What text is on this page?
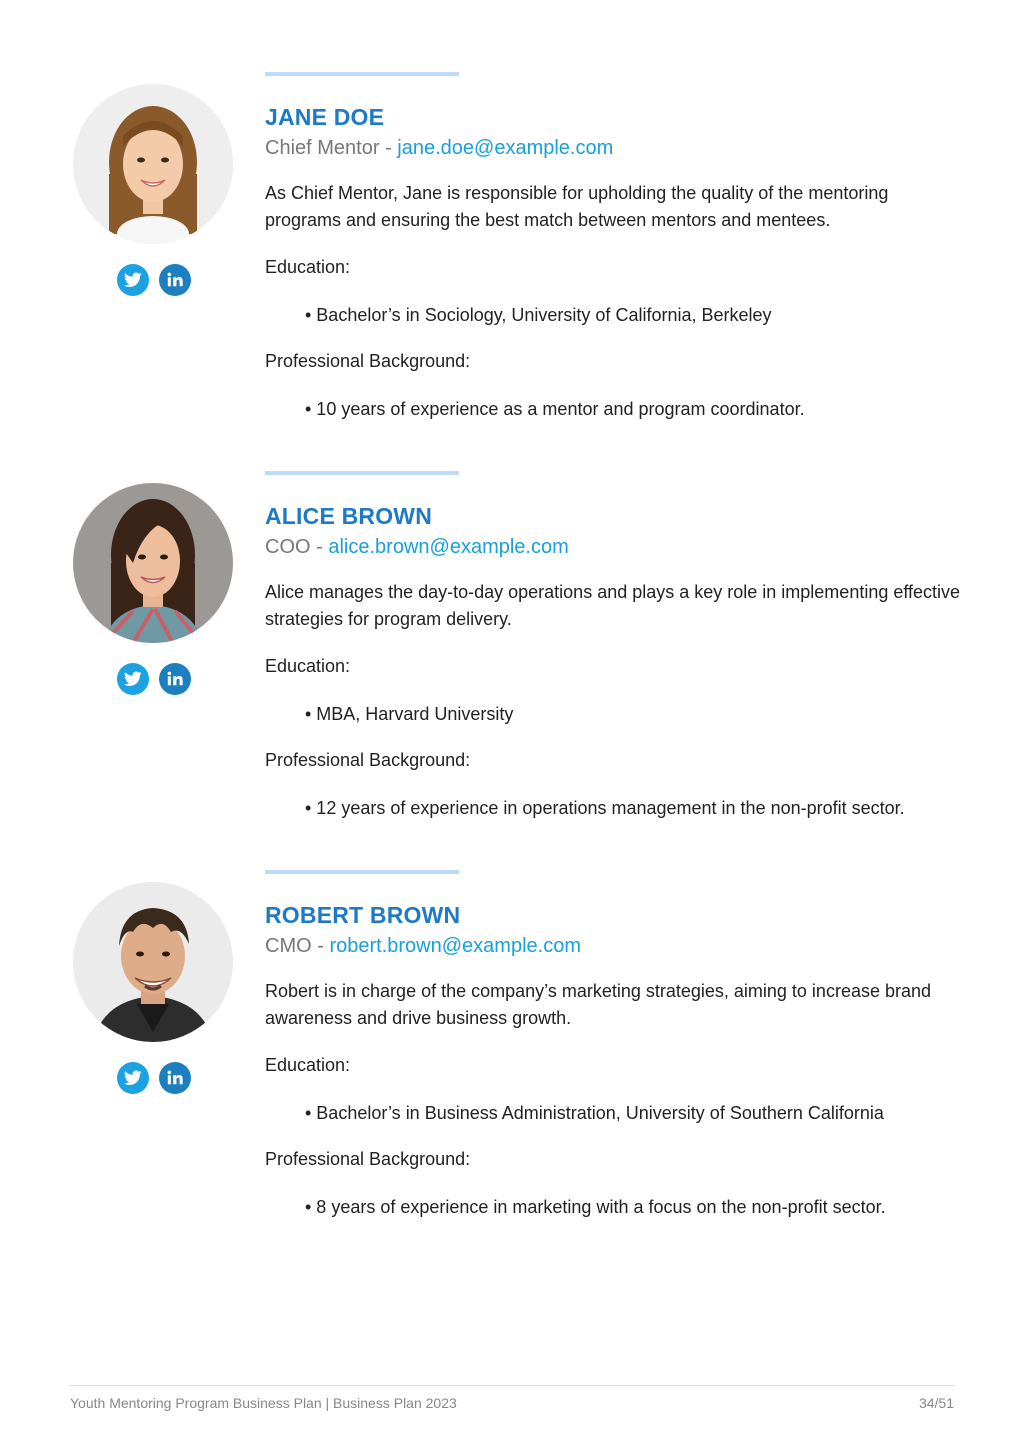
JANE DOE
Chief Mentor - jane.doe@example.com
As Chief Mentor, Jane is responsible for upholding the quality of the mentoring programs and ensuring the best match between mentors and mentees.
Education:
• Bachelor’s in Sociology, University of California, Berkeley
Professional Background:
• 10 years of experience as a mentor and program coordinator.
ALICE BROWN
COO - alice.brown@example.com
Alice manages the day-to-day operations and plays a key role in implementing effective strategies for program delivery.
Education:
• MBA, Harvard University
Professional Background:
• 12 years of experience in operations management in the non-profit sector.
ROBERT BROWN
CMO - robert.brown@example.com
Robert is in charge of the company’s marketing strategies, aiming to increase brand awareness and drive business growth.
Education:
• Bachelor’s in Business Administration, University of Southern California
Professional Background:
• 8 years of experience in marketing with a focus on the non-profit sector.
Youth Mentoring Program Business Plan | Business Plan 2023	34/51
